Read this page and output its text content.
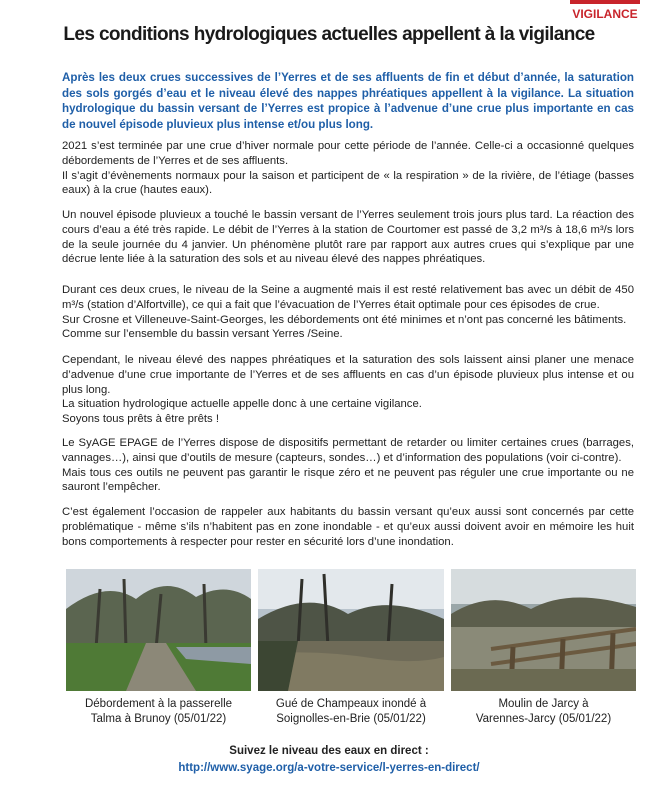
VIGILANCE
Les conditions hydrologiques actuelles appellent à la vigilance
Après les deux crues successives de l’Yerres et de ses affluents de fin et début d’année, la saturation des sols gorgés d’eau et le niveau élevé des nappes phréatiques appellent à la vigilance. La situation hydrologique du bassin versant de l’Yerres est propice à l’advenue d’une crue plus importante en cas de nouvel épisode pluvieux plus intense et/ou plus long.

2021 s’est terminée par une crue d’hiver normale pour cette période de l’année. Celle-ci a occasionné quelques débordements de l’Yerres et de ses affluents.

Il s’agit d’évènements normaux pour la saison et participent de « la respiration » de la rivière, de l’étiage (basses eaux) à la crue (hautes eaux).

Un nouvel épisode pluvieux a touché le bassin versant de l’Yerres seulement trois jours plus tard. La réaction des cours d’eau a été très rapide. Le débit de l’Yerres à la station de Courtomer est passé de 3,2 m³/s à 18,6 m³/s lors de la seule journée du 4 janvier. Un phénomène plutôt rare par rapport aux autres crues qui s’explique par une décrue lente liée à la saturation des sols et au niveau élevé des nappes phréatiques.

Durant ces deux crues, le niveau de la Seine a augmenté mais il est resté relativement bas avec un débit de 450 m³/s (station d’Alfortville), ce qui a fait que l’évacuation de l’Yerres était optimale pour ces épisodes de crue.

Sur Crosne et Villeneuve-Saint-Georges, les débordements ont été minimes et n’ont pas concerné les bâtiments.

Comme sur l’ensemble du bassin versant Yerres /Seine.

Cependant, le niveau élevé des nappes phréatiques et la saturation des sols laissent ainsi planer une menace d’advenue d’une crue importante de l’Yerres et de ses affluents en cas d’un épisode pluvieux plus intense et ou plus long.

La situation hydrologique actuelle appelle donc à une certaine vigilance.

Soyons tous prêts à être prêts !

Le SyAGE EPAGE de l’Yerres dispose de dispositifs permettant de retarder ou limiter certaines crues (barrages, vannages…), ainsi que d’outils de mesure (capteurs, sondes…) et d’information des populations (voir ci-contre).

Mais tous ces outils ne peuvent pas garantir le risque zéro et ne peuvent pas réguler une crue importante ou ne sauront l’empêcher.

C’est également l’occasion de rappeler aux habitants du bassin versant qu’eux aussi sont concernés par cette problématique - même s’ils n’habitent pas en zone inondable - et qu’eux aussi doivent avoir en mémoire les huit bons comportements à respecter pour rester en sécurité lors d’une inondation.

Débordement à la passerelle
Talma à Brunoy (05/01/22)
Gué de Champeaux inondé à
Soignolles-en-Brie (05/01/22)
Moulin de Jarcy à
Varennes-Jarcy (05/01/22)
Suivez le niveau des eaux en direct :
http://www.syage.org/a-votre-service/l-yerres-en-direct/
